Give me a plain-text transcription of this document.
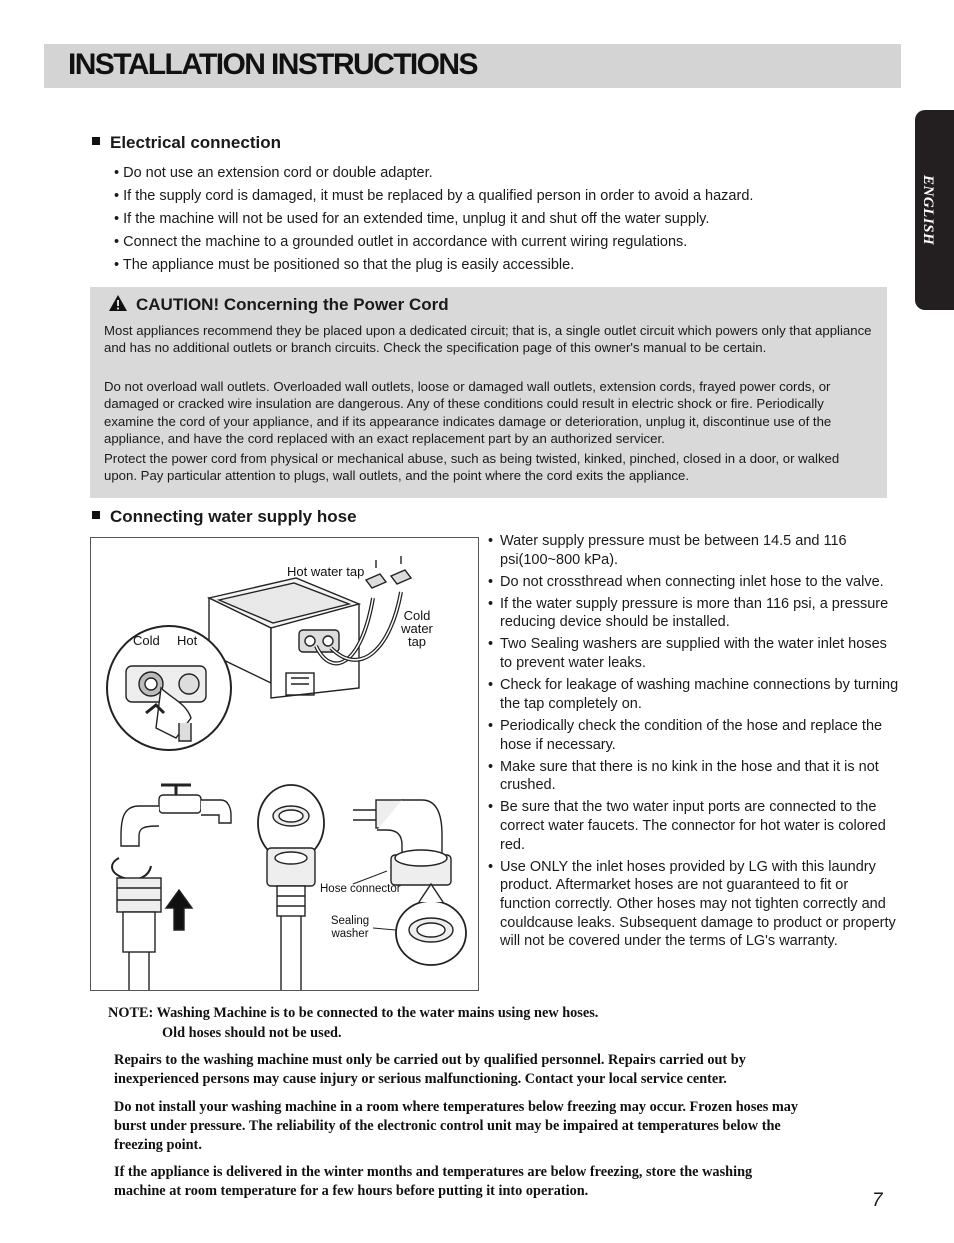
INSTALLATION INSTRUCTIONS
ENGLISH
Electrical connection
• Do not use an extension cord or double adapter.
• If the supply cord is damaged, it must be replaced by a qualified person in order to avoid a hazard.
• If the machine will not be used for an extended time, unplug it and shut off the water supply.
• Connect the machine to a grounded outlet in accordance with current wiring regulations.
• The appliance must be positioned so that the plug is easily accessible.
CAUTION! Concerning the Power Cord

Most appliances recommend they be placed upon a dedicated circuit; that is, a single outlet circuit which powers only that appliance and has no additional outlets or branch circuits. Check the specification page of this owner's manual to be certain.

Do not overload wall outlets. Overloaded wall outlets, loose or damaged wall outlets, extension cords, frayed power cords, or damaged or cracked wire insulation are dangerous. Any of these conditions could result in electric shock or fire. Periodically examine the cord of your appliance, and if its appearance indicates damage or deterioration, unplug it, discontinue use of the appliance, and have the cord replaced with an exact replacement part by an authorized servicer.

Protect the power cord from physical or mechanical abuse, such as being twisted, kinked, pinched, closed in a door, or walked upon. Pay particular attention to plugs, wall outlets, and the point where the cord exits the appliance.

Connecting water supply hose
Hot water tap
Cold water tap
Cold Hot
Hose connector
Sealing washer
• Water supply pressure must be between 14.5 and 116 psi(100~800 kPa).
• Do not crossthread when connecting inlet hose to the valve.
• If the water supply pressure is more than 116 psi, a pressure reducing device should be installed.
• Two Sealing washers are supplied with the water inlet hoses to prevent water leaks.
• Check for leakage of washing machine connections by turning the tap completely on.
• Periodically check the condition of the hose and replace the hose if necessary.
• Make sure that there is no kink in the hose and that it is not crushed.
• Be sure that the two water input ports are connected to the correct water faucets. The connector for hot water is colored red.
• Use ONLY the inlet hoses provided by LG with this laundry product. Aftermarket hoses are not guaranteed to fit or function correctly. Other hoses may not tighten correctly and couldcause leaks. Subsequent damage to product or property will not be covered under the terms of LG's warranty.

NOTE: Washing Machine is to be connected to the water mains using new hoses.

Old hoses should not be used.

Repairs to the washing machine must only be carried out by qualified personnel. Repairs carried out by inexperienced persons may cause injury or serious malfunctioning. Contact your local service center.

Do not install your washing machine in a room where temperatures below freezing may occur. Frozen hoses may burst under pressure. The reliability of the electronic control unit may be impaired at temperatures below the freezing point.

If the appliance is delivered in the winter months and temperatures are below freezing, store the washing machine at room temperature for a few hours before putting it into operation.	7
